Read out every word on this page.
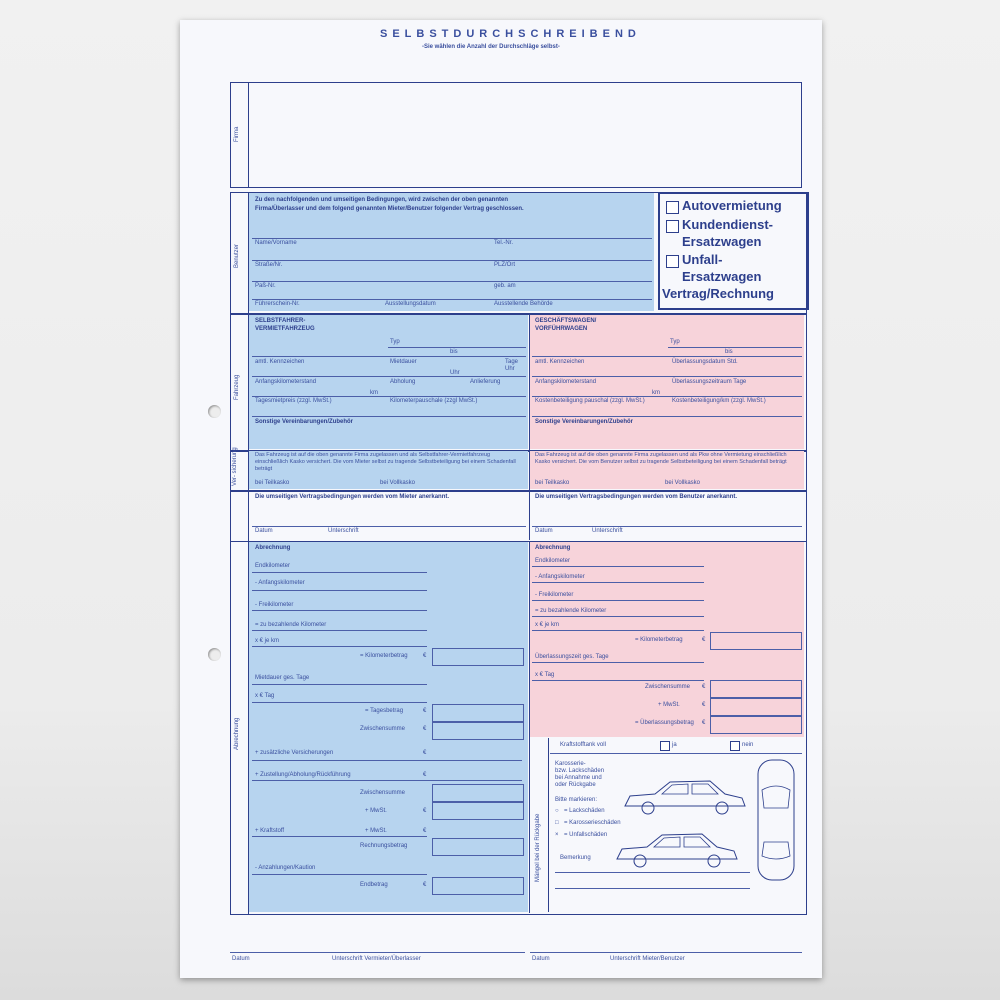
SELBSTDURCHSCHREIBEND
-Sie wählen die Anzahl der Durchschläge selbst-
Firma
Benutzer
Zu den nachfolgenden und umseitigen Bedingungen, wird zwischen der oben genannten
Firma/Überlasser und dem folgend genannten Mieter/Benutzer folgender Vertrag geschlossen.
Name/Vorname	Tel.-Nr.
Straße/Nr.	PLZ/Ort
Paß-Nr.	geb. am
Führerschein-Nr.	Ausstellungsdatum	Ausstellende Behörde
Autovermietung
Kundendienst-
Ersatzwagen
Unfall-
Ersatzwagen
Vertrag/Rechnung
Fahrzeug
SELBSTFAHRER-
VERMIETFAHRZEUG
Typ
bis
amtl. Kennzeichen	Mietdauer	Tage
Uhr
Uhr
Anfangskilometerstand	Abholung	Anlieferung
km
Tagesmietpreis (zzgl. MwSt.)	Kilometerpauschale (zzgl MwSt.)
Sonstige Vereinbarungen/Zubehör
GESCHÄFTSWAGEN/
VORFÜHRWAGEN
Typ
bis
amtl. Kennzeichen	Überlassungsdatum Std.
Anfangskilometerstand	Überlassungszeitraum Tage
km
Kostenbeteiligung pauschal (zzgl. MwSt.)	Kostenbeteiligung/km (zzgl. MwSt.)
Sonstige Vereinbarungen/Zubehör
Ver- sicherung	Das Fahrzeug ist auf die oben genannte Firma zugelassen und als Selbstfahrer-Vermietfahrzeug einschließlich Kasko versichert. Die vom Mieter selbst zu tragende Selbstbeteiligung bei einem Schadenfall beträgt
bei Teilkasko	bei Vollkasko
Das Fahrzeug ist auf die oben genannte Firma zugelassen und als Pkw ohne Vermietung einschließlich Kasko versichert. Die vom Benutzer selbst zu tragende Selbstbeteiligung bei einem Schadenfall beträgt
bei Teilkasko	bei Vollkasko
Die umseitigen Vertragsbedingungen werden vom Mieter anerkannt.	Die umseitigen Vertragsbedingungen werden vom Benutzer anerkannt.
Datum	Unterschrift	Datum	Unterschrift
Abrechnung
Abrechnung
Endkilometer
- Anfangskilometer
- Freikilometer
= zu bezahlende Kilometer
x € je km
= Kilometerbetrag	€
Mietdauer ges. Tage
x € Tag
= Tagesbetrag	€
Zwischensumme	€
+ zusätzliche Versicherungen	€
+ Zustellung/Abholung/Rückführung	€
Zwischensumme
+ MwSt.	€
+ Kraftstoff	+ MwSt.	€
Rechnungsbetrag
- Anzahlungen/Kaution
Endbetrag	€
Abrechnung
Endkilometer
- Anfangskilometer
- Freikilometer
= zu bezahlende Kilometer
x € je km
= Kilometerbetrag	€
Überlassungszeit ges. Tage
x € Tag
Zwischensumme €
+ MwSt.	€
= Überlassungsbetrag €
Mängel bei der Rückgabe
Kraftstofftank voll	ja	nein
Karosserie-
bzw. Lackschäden
bei Annahme und
oder Rückgabe
Bitte markieren:
○ = Lackschäden
□ = Karosserieschäden
× = Unfallschäden
Bemerkung
Datum	Unterschrift Vermieter/Überlasser	Datum	Unterschrift Mieter/Benutzer
